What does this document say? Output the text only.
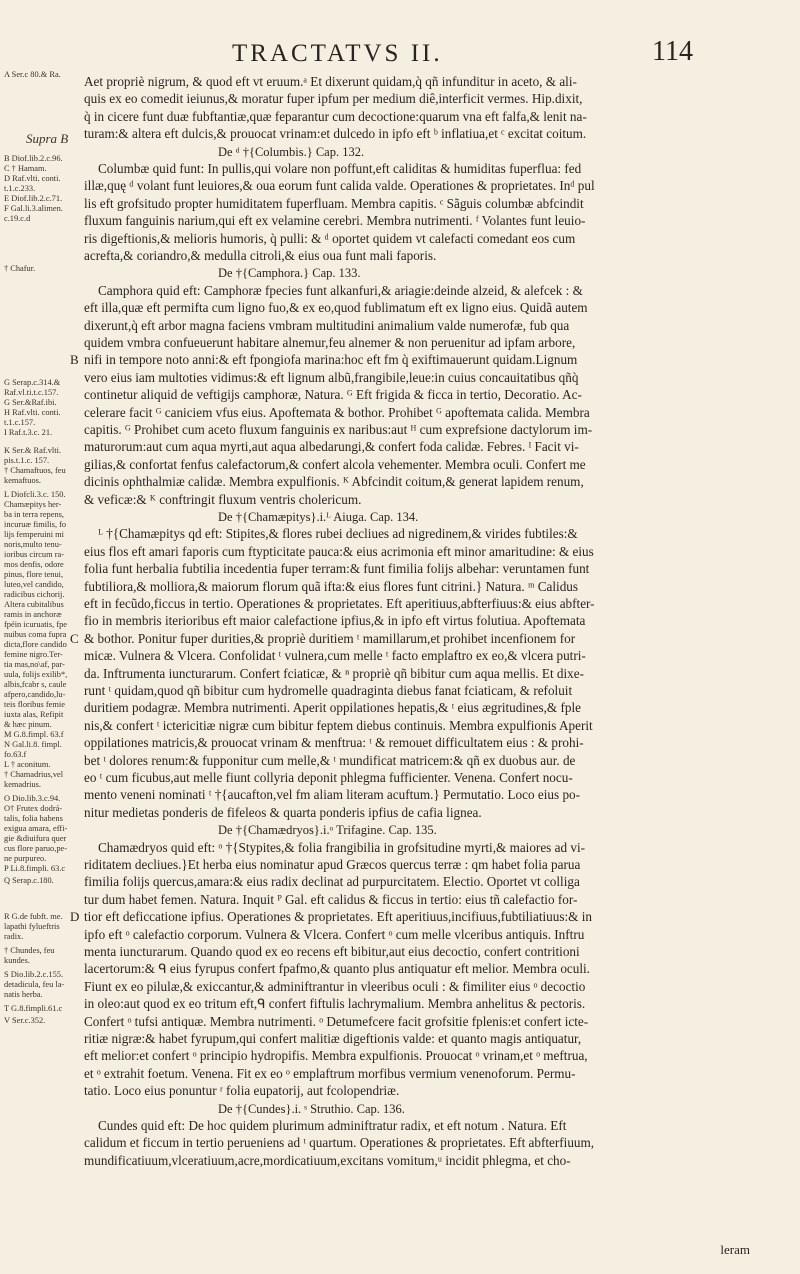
TRACTATVS II.	114
A Ser.c 80.& Ra.
Supra B
B Diof.lib.2.c.96.
C † Hamam.
D Raf.vlti. conti.
t.1.c.233.
E Diof.lib.2.c.71.
F Gal.li.3.alimen.
c.19.c.d
† Chafur.
G Serap.c.314.&
Raf.vl.ti.t.c.157.
G Ser.&Raf.ibi.
H Raf.vlti. conti.
t.1.c.157.
I Raf.t.3.c. 21.
K Ser.& Raf.vlti.
pis.t.1.c. 157.
† Chamaftuos, feu
kemaftuos.
L Diofcli.3.c. 150.
Chamæpitys her-
ba in terra repens,
incuruæ fimilis, fo
lijs femperuini mi
noris,multo tenu-
ioribus circum ra-
mos denfis, odore
pinus, flore tenui,
luteo,vel candido,
radicibus cichorij.
Altera cubitalibus
ramis in anchoræ
fpéin icuruatis, fpe
nuibus coma fupra
dicta,flore candido
femine nigro.Ter-
tia mas,no\af, par-
uula, folijs exilib*,
albis,fcabr s, caule
afpero,candido,lu-
teis floribus femie
iuxta alas, Refipit
& hæc pinum.
M G.8.fimpl. 63.f
N Gal.li.8. fimpl.
fo.63.f
L † aconitum.
† Chamadrius,vel
kemadrius.
O Dio.lib.3.c.94.
O† Frutex dodrá-
talis, folia habens
exigua amara, effi-
gie &diuifura quer
cus flore paruo,pe-
ne purpureo.
P Li.8.fimpli. 63.c
Q Serap.c.180.
R G.de fubft. me.
lapathi fylueftris
radix.
† Chundes, feu
kundes.
S Dio.lib.2.c.155.
detadicula, feu la-
natis herba.
T G.8.fimpli.61.c
V Ser.c.352.
leram
Aet propriè nigrum, & quod eft vt eruum.ᵃ Et dixerunt quidam,q̀ qñ infunditur in aceto, & ali-
quis ex eo comedit ieiunus,& moratur fuper ipfum per medium diê,interficit vermes. Hip.dixit,
q̀ in cicere funt duæ fubftantiæ,quæ feparantur cum decoctione:quarum vna eft falfa,& lenit na-
turam:& altera eft dulcis,& prouocat vrinam:et dulcedo in ipfo eft ᵇ inflatiua,et ᶜ excitat coitum.
De ᵈ †{Columbis.} Cap. 132.
Columbæ quid funt: In pullis,qui volare non poffunt,eft caliditas & humiditas fuperflua: fed
illæ,quę ᵈ volant funt leuiores,& oua eorum funt calida valde. Operationes & proprietates. Inᵈ pul
lis eft grofsitudo propter humiditatem fuperfluam. Membra capitis. ᶜ Sãguis columbæ abfcindit
fluxum fanguinis narium,qui eft ex velamine cerebri. Membra nutrimenti. ᶠ Volantes funt leuio-
ris digeftionis,& melioris humoris, q̀ pulli: & ᵈ oportet quidem vt calefacti comedant eos cum
acrefta,& coriandro,& medulla citroli,& eius oua funt mali faporis.
De †{Camphora.} Cap. 133.
Camphora quid eft: Camphoræ fpecies funt alkanfuri,& ariagie:deinde alzeid, & alefcek : &
eft illa,quæ eft permifta cum ligno fuo,& ex eo,quod fublimatum eft ex ligno eius. Quidã autem
dixerunt,q̀ eft arbor magna faciens vmbram multitudini animalium valde numerofæ, fub qua
quidem vmbra confueuerunt habitare alnemur,feu alnemer & non peruenitur ad ipfam arbore,
B nifi in tempore noto anni:& eft fpongiofa marina:hoc eft fm q̀ exiftimauerunt quidam.Lignum
vero eius iam multoties vidimus:& eft lignum albũ,frangibile,leue:in cuius concauitatibus qñq̀
continetur aliquid de veftigijs camphoræ, Natura. ᴳ Eft frigida & ficca in tertio, Decoratio. Ac-
celerare facit ᴳ caniciem vfus eius. Apoftemata & bothor. Prohibet ᴳ apoftemata calida. Membra
capitis. ᴳ Prohibet cum aceto fluxum fanguinis ex naribus:aut ᴴ cum exprefsione dactylorum im-
maturorum:aut cum aqua myrti,aut aqua albedarungi,& confert foda calidæ. Febres. ᴵ Facit vi-
gilias,& confortat fenfus calefactorum,& confert alcola vehementer. Membra oculi. Confert me
dicinis ophthalmiæ calidæ. Membra expulfionis. ᴷ Abfcindit coitum,& generat lapidem renum,
& veficæ:& ᴷ conftringit fluxum ventris cholericum.
De †{Chamæpitys}.i.ᴸ Aiuga. Cap. 134.
ᴸ †{Chamæpitys qd eft: Stipites,& flores rubei decliues ad nigredinem,& virides fubtiles:&
eius flos eft amari faporis cum ftypticitate pauca:& eius acrimonia eft minor amaritudine: & eius
folia funt herbalia fubtilia incedentia fuper terram:& funt fimilia folijs albehar: veruntamen funt
fubtiliora,& molliora,& maiorum florum quã ifta:& eius flores funt citrini.} Natura. ᵐ Calidus
eft in fecũdo,ficcus in tertio. Operationes & proprietates. Eft aperitiuus,abfterfiuus:& eius abfter-
fio in membris iterioribus eft maior calefactione ipfius,& in ipfo eft virtus folutiua. Apoftemata
C & bothor. Ponitur fuper durities,& propriè duritiem ᵗ mamillarum,et prohibet incenfionem for
micæ. Vulnera & Vlcera. Confolidat ᵗ vulnera,cum melle ᵗ facto emplaftro ex eo,& vlcera putri-
da. Inftrumenta iuncturarum. Confert fciaticæ, & ⁿ propriè qñ bibitur cum aqua mellis. Et dixe-
runt ᵗ quidam,quod qñ bibitur cum hydromelle quadraginta diebus fanat fciaticam, & refoluit
duritiem podagræ. Membra nutrimenti. Aperit oppilationes hepatis,& ᵗ eius ægritudines,& fple
nis,& confert ᵗ ictericitiæ nigræ cum bibitur feptem diebus continuis. Membra expulfionis Aperit
oppilationes matricis,& prouocat vrinam & menftrua: ᵗ & remouet difficultatem eius : & prohi-
bet ᵗ dolores renum:& fupponitur cum melle,& ᵗ mundificat matricem:& qñ ex duobus aur. de
eo ᵗ cum ficubus,aut melle fiunt collyria deponit phlegma fufficienter. Venena. Confert nocu-
mento veneni nominati ᵗ †{aucafton,vel fm aliam literam acuftum.} Permutatio. Loco eius po-
nitur medietas ponderis de fifeleos & quarta ponderis ipfius de cafia lignea.
De †{Chamædryos}.i.ᵒ Trifagine. Cap. 135.
Chamædryos quid eft: ᵒ †{Stypites,& folia frangibilia in grofsitudine myrti,& maiores ad vi-
riditatem decliues.}Et herba eius nominatur apud Græcos quercus terræ : qm habet folia parua
fimilia folijs quercus,amara:& eius radix declinat ad purpurcitatem. Electio. Oportet vt colliga
tur dum habet femen. Natura. Inquit ᴾ Gal. eft calidus & ficcus in tertio: eius tñ calefactio for-
D tior eft deficcatione ipfius. Operationes & proprietates. Eft aperitiuus,incifiuus,fubtiliatiuus:& in
ipfo eft ᵒ calefactio corporum. Vulnera & Vlcera. Confert ᵒ cum melle vlceribus antiquis. Inftru
menta iuncturarum. Quando quod ex eo recens eft bibitur,aut eius decoctio, confert contritioni
lacertorum:& ᑫ eius fyrupus confert fpafmo,& quanto plus antiquatur eft melior. Membra oculi.
Fiunt ex eo pilulæ,& exiccantur,& adminiftrantur in vleeribus oculi : & fimiliter eius ᵒ decoctio
in oleo:aut quod ex eo tritum eft,ᑫ confert fiftulis lachrymalium. Membra anhelitus & pectoris.
Confert ᵒ tufsi antiquæ. Membra nutrimenti. ᵒ Detumefcere facit grofsitie fplenis:et confert icte-
ritiæ nigræ:& habet fyrupum,qui confert malitiæ digeftionis valde: et quanto magis antiquatur,
eft melior:et confert ᵒ principio hydropifis. Membra expulfionis. Prouocat ᵒ vrinam,et ᵒ meftrua,
et ᵒ extrahit foetum. Venena. Fit ex eo ᵒ emplaftrum morfibus vermium venenoforum. Permu-
tatio. Loco eius ponuntur ʳ folia eupatorij, aut fcolopendriæ.
De †{Cundes}.i. ˢ Struthio. Cap. 136.
Cundes quid eft: De hoc quidem plurimum adminiftratur radix, et eft notum . Natura. Eft
calidum et ficcum in tertio perueniens ad ᵗ quartum. Operationes & proprietates. Eft abfterfiuum,
mundificatiuum,vlceratiuum,acre,mordicatiuum,excitans vomitum,ᵘ incidit phlegma, et cho-
